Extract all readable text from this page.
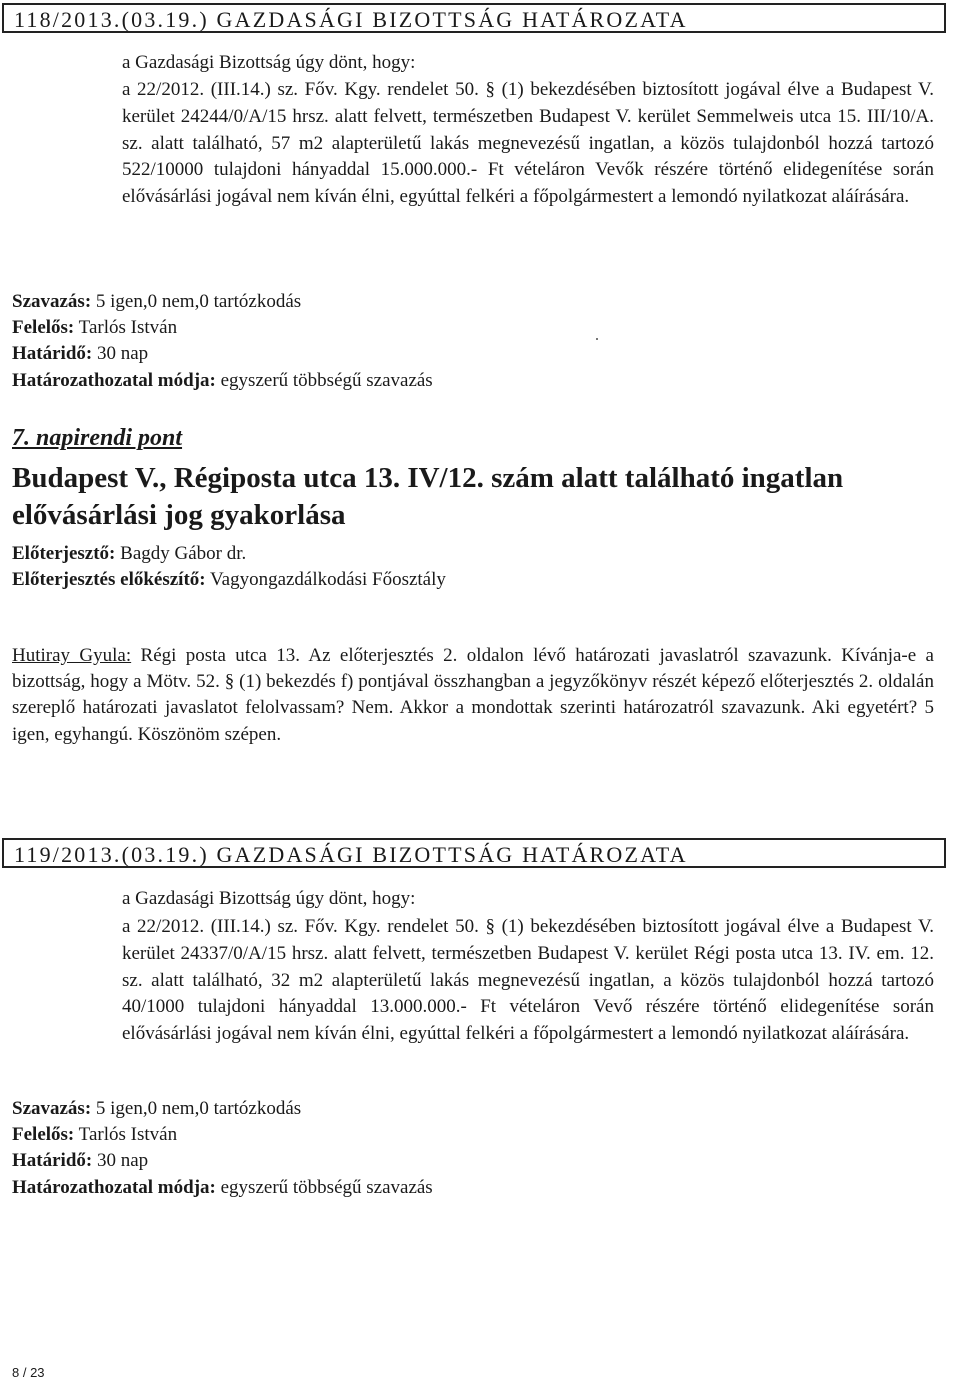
118/2013.(03.19.) GAZDASÁGI BIZOTTSÁG HATÁROZATA
a Gazdasági Bizottság úgy dönt, hogy:

a 22/2012. (III.14.) sz. Főv. Kgy. rendelet 50. § (1) bekezdésében biztosított jogával élve a Budapest V. kerület 24244/0/A/15 hrsz. alatt felvett, természetben Budapest V. kerület Semmelweis utca 15. III/10/A. sz. alatt található, 57 m2 alapterületű lakás megnevezésű ingatlan, a közös tulajdonból hozzá tartozó 522/10000 tulajdoni hányaddal 15.000.000.- Ft vételáron Vevők részére történő elidegenítése során elővásárlási jogával nem kíván élni, egyúttal felkéri a főpolgármestert a lemondó nyilatkozat aláírására.

Szavazás: 5 igen,0 nem,0 tartózkodás
Felelős: Tarlós István
Határidő: 30 nap
Határozathozatal módja: egyszerű többségű szavazás
7. napirendi pont
Budapest V., Régiposta utca 13. IV/12. szám alatt található ingatlan elővásárlási jog gyakorlása
Előterjesztő: Bagdy Gábor dr.
Előterjesztés előkészítő: Vagyongazdálkodási Főosztály
Hutiray Gyula: Régi posta utca 13. Az előterjesztés 2. oldalon lévő határozati javaslatról szavazunk. Kívánja-e a bizottság, hogy a Mötv. 52. § (1) bekezdés f) pontjával összhangban a jegyzőkönyv részét képező előterjesztés 2. oldalán szereplő határozati javaslatot felolvassam? Nem. Akkor a mondottak szerinti határozatról szavazunk. Aki egyetért? 5 igen, egyhangú. Köszönöm szépen.
119/2013.(03.19.) GAZDASÁGI BIZOTTSÁG HATÁROZATA
a Gazdasági Bizottság úgy dönt, hogy:

a 22/2012. (III.14.) sz. Főv. Kgy. rendelet 50. § (1) bekezdésében biztosított jogával élve a Budapest V. kerület 24337/0/A/15 hrsz. alatt felvett, természetben Budapest V. kerület Régi posta utca 13. IV. em. 12. sz. alatt található, 32 m2 alapterületű lakás megnevezésű ingatlan, a közös tulajdonból hozzá tartozó 40/1000 tulajdoni hányaddal 13.000.000.- Ft vételáron Vevő részére történő elidegenítése során elővásárlási jogával nem kíván élni, egyúttal felkéri a főpolgármestert a lemondó nyilatkozat aláírására.

Szavazás: 5 igen,0 nem,0 tartózkodás
Felelős: Tarlós István
Határidő: 30 nap
Határozathozatal módja: egyszerű többségű szavazás
8 / 23
